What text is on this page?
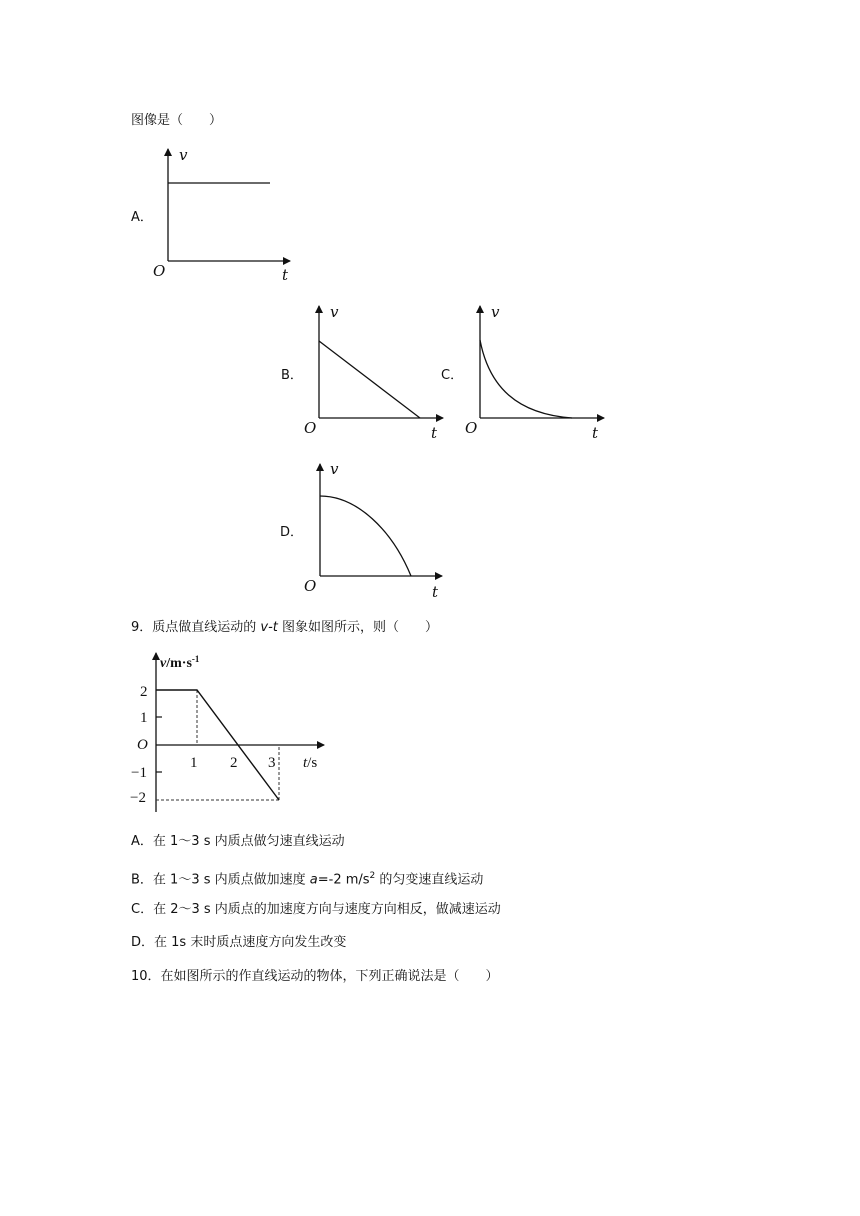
图像是（　　）
A．
v
O	t
B．
v
O	t
C．
v
O	t
D．
v
O	t
9．质点做直线运动的 v-t 图象如图所示，则（　　）
$v/m\cdot s^{-1}$
t/s
2
1
O
−1
−2
1 2 3
A．在 1～3 s 内质点做匀速直线运动
B．在 1～3 s 内质点做加速度 a=-2 $m/s^2$ 的匀变速直线运动
C．在 2～3 s 内质点的加速度方向与速度方向相反，做减速运动
D．在 1s 末时质点速度方向发生改变
10．在如图所示的作直线运动的物体，下列正确说法是（　　）
